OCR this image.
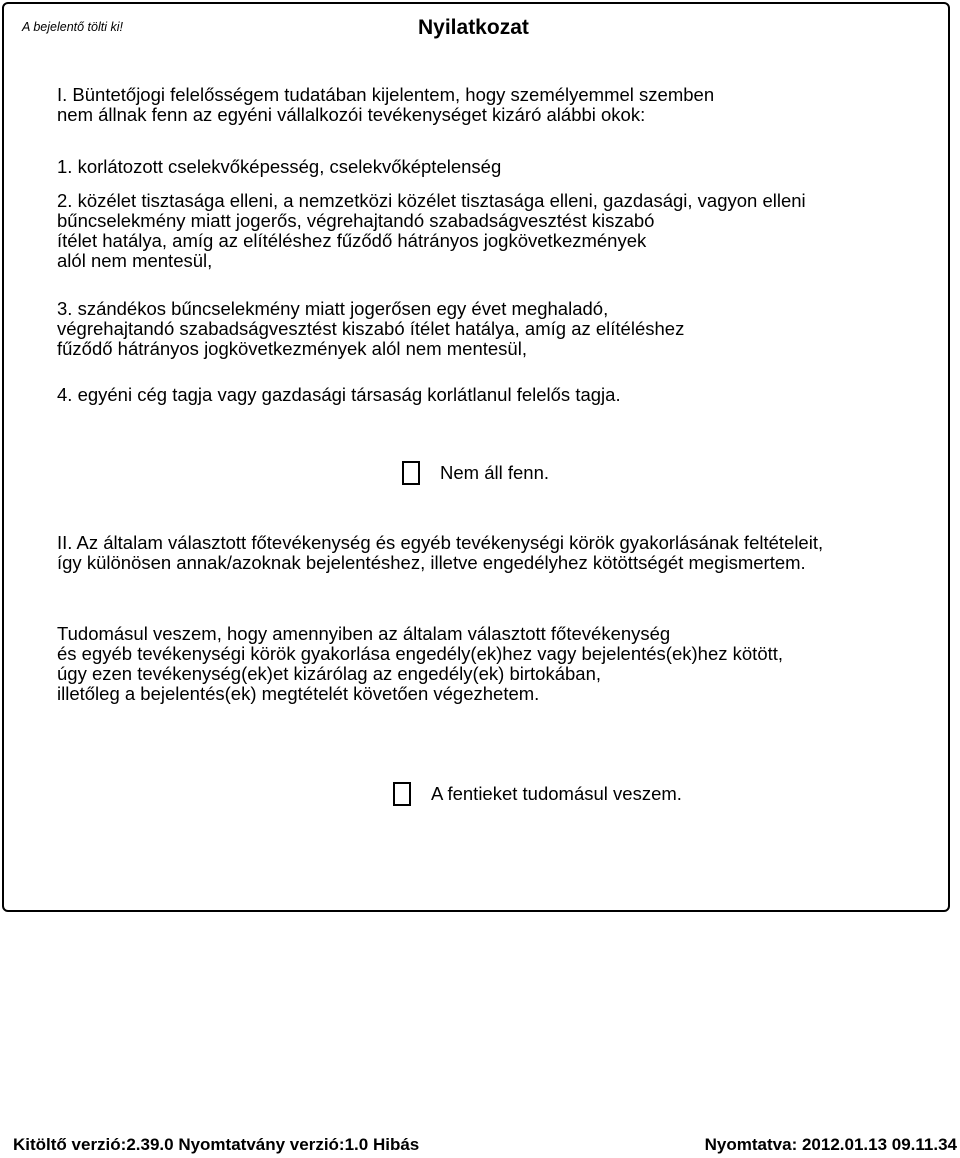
A bejelentő tölti ki!	Nyilatkozat
I. Büntetőjogi felelősségem tudatában kijelentem, hogy személyemmel szemben
nem állnak fenn az egyéni vállalkozói tevékenységet kizáró alábbi okok:
1. korlátozott cselekvőképesség, cselekvőképtelenség
2. közélet tisztasága elleni, a nemzetközi közélet tisztasága elleni, gazdasági, vagyon elleni
bűncselekmény miatt jogerős, végrehajtandó szabadságvesztést kiszabó
ítélet hatálya, amíg az elítéléshez fűződő hátrányos jogkövetkezmények
alól nem mentesül,
3. szándékos bűncselekmény miatt jogerősen egy évet meghaladó,
végrehajtandó szabadságvesztést kiszabó ítélet hatálya, amíg az elítéléshez
fűződő hátrányos jogkövetkezmények alól nem mentesül,
4. egyéni cég tagja vagy gazdasági társaság korlátlanul felelős tagja.
Nem áll fenn.
II. Az általam választott főtevékenység és egyéb tevékenységi körök gyakorlásának feltételeit,
így különösen annak/azoknak bejelentéshez, illetve engedélyhez kötöttségét megismertem.
Tudomásul veszem, hogy amennyiben az általam választott főtevékenység
és egyéb tevékenységi körök gyakorlása engedély(ek)hez vagy bejelentés(ek)hez kötött,
úgy ezen tevékenység(ek)et kizárólag az engedély(ek) birtokában,
illetőleg a bejelentés(ek) megtételét követően végezhetem.
A fentieket tudomásul veszem.
Kitöltő verzió:2.39.0 Nyomtatvány verzió:1.0 Hibás	Nyomtatva: 2012.01.13 09.11.34
